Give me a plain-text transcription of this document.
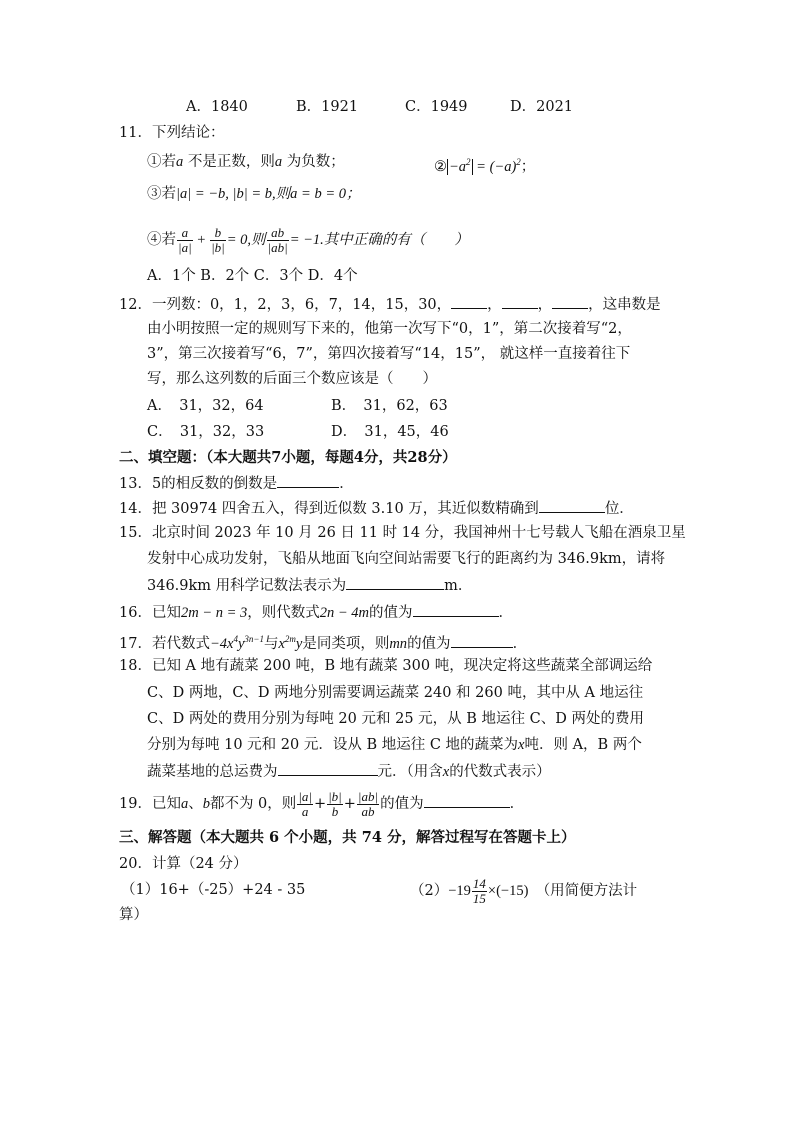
A．1840	B．1921	C．1949	D．2021
11．下列结论：
①若a 不是正数，则a 为负数；	② $-a^2 = (-a)^2$；
③若|a| = −b, |b| = b,则a = b = 0；
④若 $\frac{a}{|a|} + \frac{b}{|b|} = 0$,则 $\frac{ab}{|ab|} = -1$.其中正确的有（　　）
A．1个 B．2个 C．3个 D．4个
12．一列数：0，1，2，3，6，7，14，15，30， ， ， ，这串数是
由小明按照一定的规则写下来的，他第一次写下“0，1”，第二次接着写“2，
3”，第三次接着写“6，7”，第四次接着写“14，15”， 就这样一直接着往下
写，那么这列数的后面三个数应该是（　　）
A．　31，32，64	B．　31，62，63
C．　31，32，33	D．　31，45，46
二、填空题：（本大题共7小题，每题4分，共28分）
13．5的相反数的倒数是	．
14．把 30974 四舍五入，得到近似数 3.10 万，其近似数精确到	位．
15．北京时间 2023 年 10 月 26 日 11 时 14 分，我国神州十七号载人飞船在酒泉卫星
发射中心成功发射，飞船从地面飞向空间站需要飞行的距离约为 346.9km，请将
346.9km 用科学记数法表示为	m．
16．已知2m − n = 3，则代数式2n − 4m的值为	．
17．若代数式$-4x^4y^{3n-1}$与$x^{2m}y$是同类项，则mn的值为	．
18．已知 A 地有蔬菜 200 吨，B 地有蔬菜 300 吨，现决定将这些蔬菜全部调运给
C、D 两地，C、D 两地分别需要调运蔬菜 240 和 260 吨，其中从 A 地运往
C、D 两处的费用分别为每吨 20 元和 25 元，从 B 地运往 C、D 两处的费用
分别为每吨 10 元和 20 元．设从 B 地运往 C 地的蔬菜为x吨．则 A，B 两个
蔬菜基地的总运费为	元．（用含x的代数式表示）
19．已知a、b都不为 0，则 $\frac{|a|}{a} + \frac{|b|}{b} + \frac{|ab|}{ab}$ 的值为	．
三、解答题（本大题共 6 个小题，共 74 分，解答过程写在答题卡上）
20．计算（24 分）
（1）16+（-25）+24 - 35	$(2)-19 \frac{14}{15} \times(-15)$　 （用简便方法计
算）
